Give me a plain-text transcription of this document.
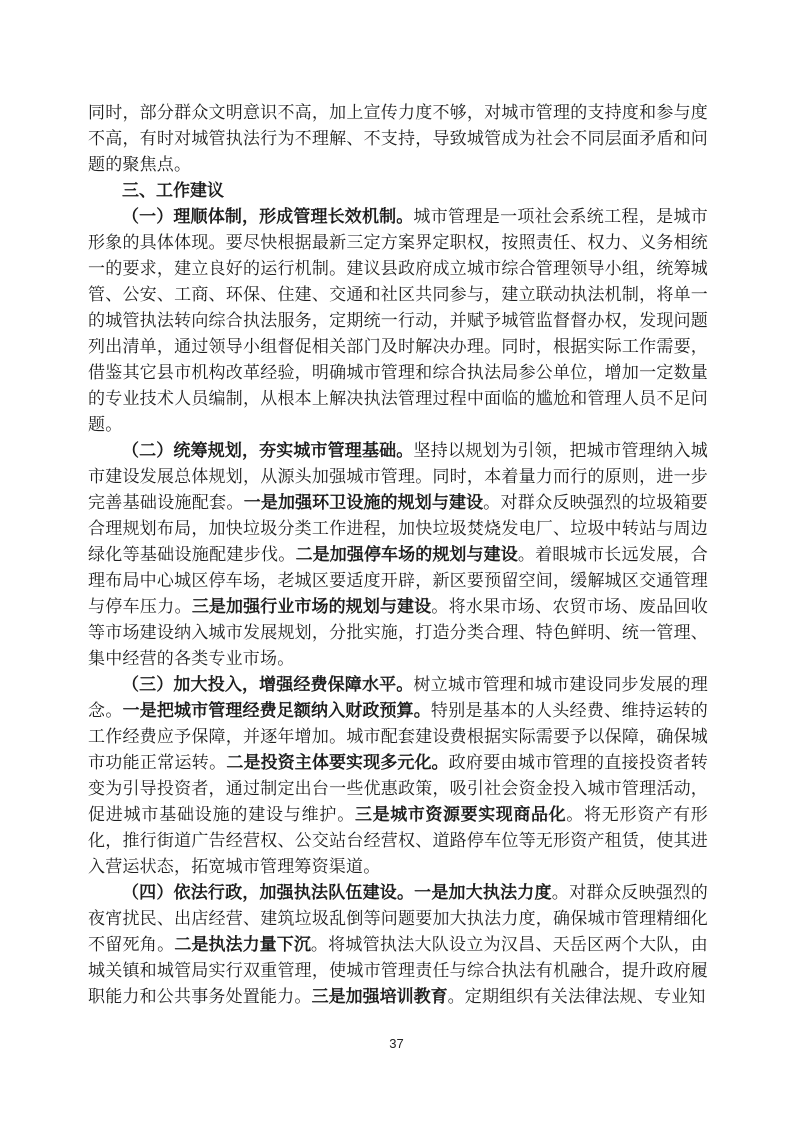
同时，部分群众文明意识不高，加上宣传力度不够，对城市管理的支持度和参与度不高，有时对城管执法行为不理解、不支持，导致城管成为社会不同层面矛盾和问题的聚焦点。

三、工作建议

（一）理顺体制，形成管理长效机制。城市管理是一项社会系统工程，是城市形象的具体体现。要尽快根据最新三定方案界定职权，按照责任、权力、义务相统一的要求，建立良好的运行机制。建议县政府成立城市综合管理领导小组，统筹城管、公安、工商、环保、住建、交通和社区共同参与，建立联动执法机制，将单一的城管执法转向综合执法服务，定期统一行动，并赋予城管监督督办权，发现问题列出清单，通过领导小组督促相关部门及时解决办理。同时，根据实际工作需要，借鉴其它县市机构改革经验，明确城市管理和综合执法局参公单位，增加一定数量的专业技术人员编制，从根本上解决执法管理过程中面临的尴尬和管理人员不足问题。

（二）统筹规划，夯实城市管理基础。坚持以规划为引领，把城市管理纳入城市建设发展总体规划，从源头加强城市管理。同时，本着量力而行的原则，进一步完善基础设施配套。一是加强环卫设施的规划与建设。对群众反映强烈的垃圾箱要合理规划布局，加快垃圾分类工作进程，加快垃圾焚烧发电厂、垃圾中转站与周边绿化等基础设施配建步伐。二是加强停车场的规划与建设。着眼城市长远发展，合理布局中心城区停车场，老城区要适度开辟，新区要预留空间，缓解城区交通管理与停车压力。三是加强行业市场的规划与建设。将水果市场、农贸市场、废品回收等市场建设纳入城市发展规划，分批实施，打造分类合理、特色鲜明、统一管理、集中经营的各类专业市场。

（三）加大投入，增强经费保障水平。树立城市管理和城市建设同步发展的理念。一是把城市管理经费足额纳入财政预算。特别是基本的人头经费、维持运转的工作经费应予保障，并逐年增加。城市配套建设费根据实际需要予以保障，确保城市功能正常运转。二是投资主体要实现多元化。政府要由城市管理的直接投资者转变为引导投资者，通过制定出台一些优惠政策，吸引社会资金投入城市管理活动，促进城市基础设施的建设与维护。三是城市资源要实现商品化。将无形资产有形化，推行街道广告经营权、公交站台经营权、道路停车位等无形资产租赁，使其进入营运状态，拓宽城市管理筹资渠道。

（四）依法行政，加强执法队伍建设。一是加大执法力度。对群众反映强烈的夜宵扰民、出店经营、建筑垃圾乱倒等问题要加大执法力度，确保城市管理精细化不留死角。二是执法力量下沉。将城管执法大队设立为汉昌、天岳区两个大队，由城关镇和城管局实行双重管理，使城市管理责任与综合执法有机融合，提升政府履职能力和公共事务处置能力。三是加强培训教育。定期组织有关法律法规、专业知

37
